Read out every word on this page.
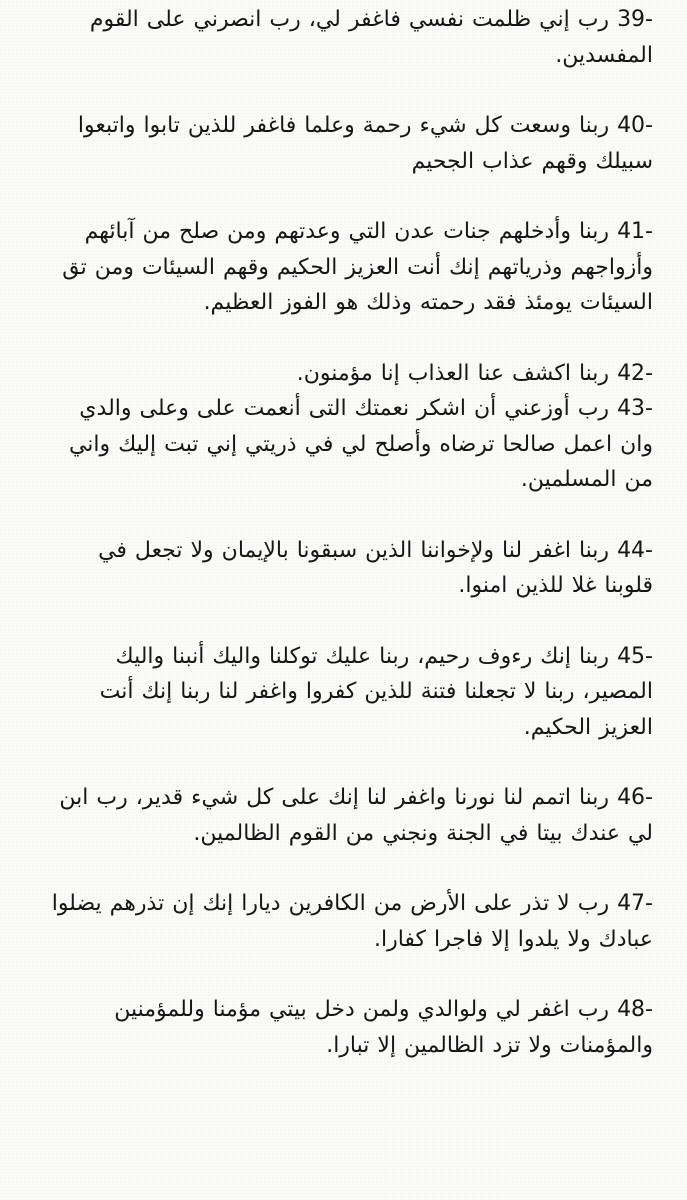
39- رب إني ظلمت نفسي فاغفر لي، رب انصرني على القوم المفسدين.

40- ربنا وسعت كل شيء رحمة وعلما فاغفر للذين تابوا واتبعوا سبيلك وقهم عذاب الجحيم

41- ربنا وأدخلهم جنات عدن التي وعدتهم ومن صلح من آبائهم وأزواجهم وذرياتهم إنك أنت العزيز الحكيم وقهم السيئات ومن تق السيئات يومئذ فقد رحمته وذلك هو الفوز العظيم.

42- ربنا اكشف عنا العذاب إنا مؤمنون.

43- رب أوزعني أن اشكر نعمتك التى أنعمت على وعلى والدي وان اعمل صالحا ترضاه وأصلح لي في ذريتي إني تبت إليك واني من المسلمين.

44- ربنا اغفر لنا ولإخواننا الذين سبقونا بالإيمان ولا تجعل في قلوبنا غلا للذين امنوا.

45- ربنا إنك رءوف رحيم، ربنا عليك توكلنا واليك أنبنا واليك المصير، ربنا لا تجعلنا فتنة للذين كفروا واغفر لنا ربنا إنك أنت العزيز الحكيم.

46- ربنا اتمم لنا نورنا واغفر لنا إنك على كل شيء قدير، رب ابن لي عندك بيتا في الجنة ونجني من القوم الظالمين.

47- رب لا تذر على الأرض من الكافرين ديارا إنك إن تذرهم يضلوا عبادك ولا يلدوا إلا فاجرا كفارا.

48- رب اغفر لي ولوالدي ولمن دخل بيتي مؤمنا وللمؤمنين والمؤمنات ولا تزد الظالمين إلا تبارا.
